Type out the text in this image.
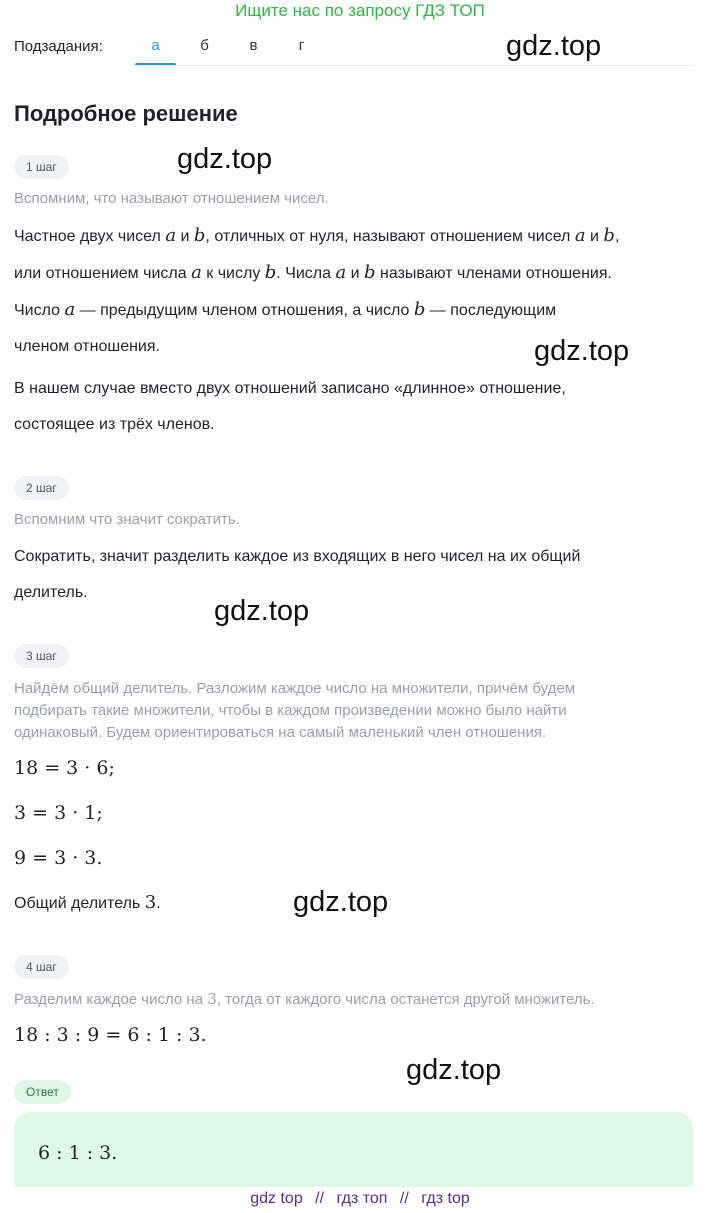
Ищите нас по запросу ГДЗ ТОП
Подзадания:	а	б	в	г	gdz.top
gdz.top
gdz.top
gdz.top
gdz.top
gdz.top
Подробное решение
1 шаг
Вспомним, что называют отношением чисел.
Частное двух чисел a и b, отличных от нуля, называют отношением чисел a и b,
или отношением числа a к числу b. Числа a и b называют членами отношения.
Число a — предыдущим членом отношения, а число b — последующим
членом отношения.
В нашем случае вместо двух отношений записано «длинное» отношение,
состоящее из трёх членов.
2 шаг
Вспомним что значит сократить.
Сократить, значит разделить каждое из входящих в него чисел на их общий
делитель.
3 шаг
Найдём общий делитель. Разложим каждое число на множители, причём будем
подбирать такие множители, чтобы в каждом произведении можно было найти
одинаковый. Будем ориентироваться на самый маленький член отношения.
18 = 3 · 6;
3 = 3 · 1;
9 = 3 · 3.
Общий делитель 3.
4 шаг
Разделим каждое число на 3, тогда от каждого числа останется другой множитель.
18 : 3 : 9 = 6 : 1 : 3.
Ответ
6 : 1 : 3.
gdz top // гдз топ // гдз top
